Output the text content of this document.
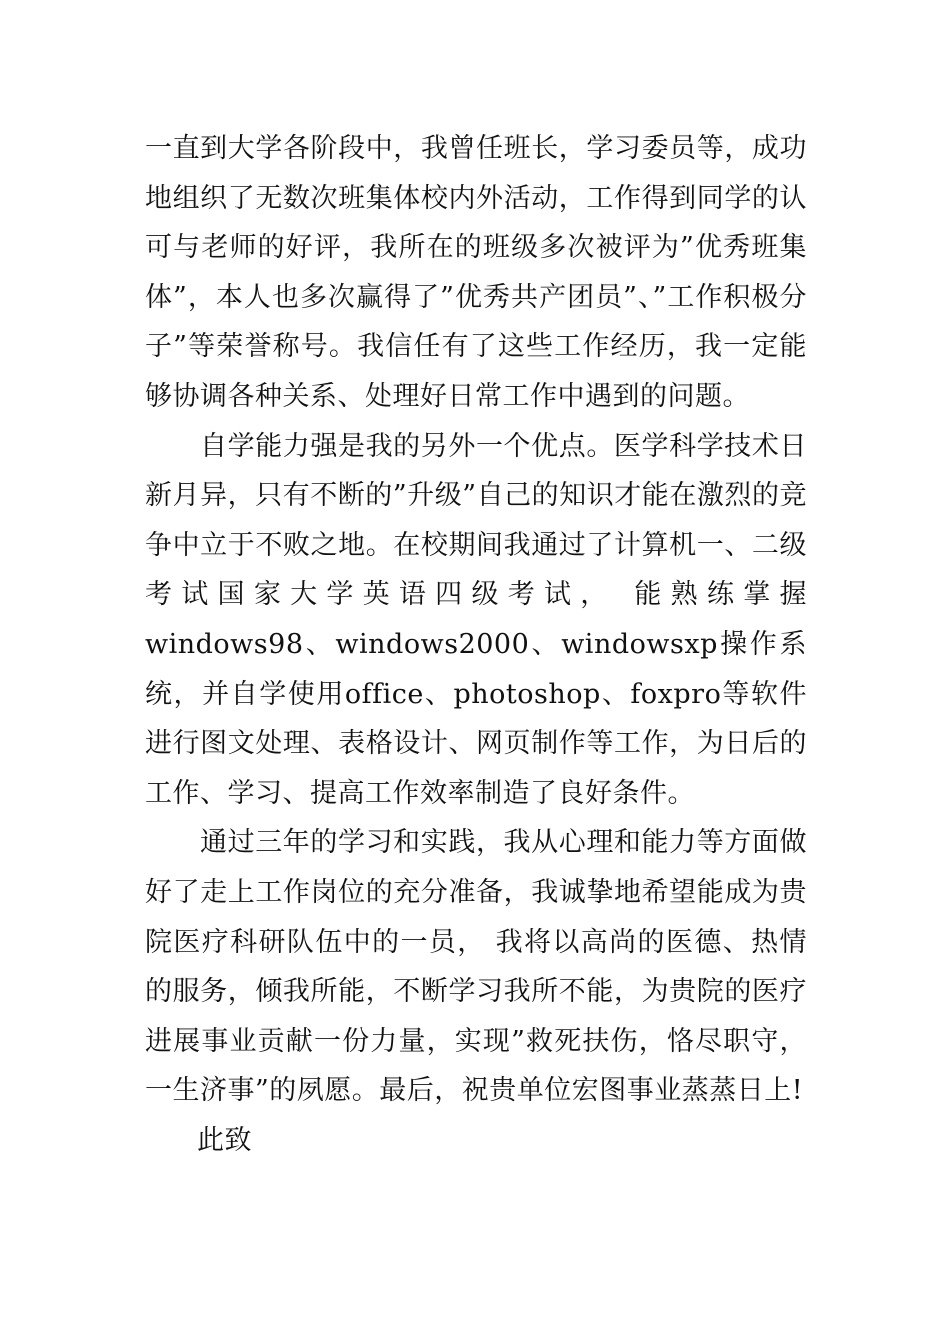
一直到大学各阶段中，我曾任班长，学习委员等，成功地组织了无数次班集体校内外活动，工作得到同学的认可与老师的好评，我所在的班级多次被评为”优秀班集体”，本人也多次赢得了”优秀共产团员”、”工作积极分子”等荣誉称号。我信任有了这些工作经历，我一定能够协调各种关系、处理好日常工作中遇到的问题。

自学能力强是我的另外一个优点。医学科学技术日新月异，只有不断的”升级”自己的知识才能在激烈的竞争中立于不败之地。在校期间我通过了计算机一、二级考试国家大学英语四级考试， 能熟练掌握windows98、windows2000、windowsxp操作系统，并自学使用office、photoshop、foxpro等软件进行图文处理、表格设计、网页制作等工作，为日后的工作、学习、提高工作效率制造了良好条件。

通过三年的学习和实践，我从心理和能力等方面做好了走上工作岗位的充分准备，我诚挚地希望能成为贵院医疗科研队伍中的一员， 我将以高尚的医德、热情的服务，倾我所能，不断学习我所不能，为贵院的医疗进展事业贡献一份力量，实现”救死扶伤，恪尽职守，一生济事”的夙愿。最后，祝贵单位宏图事业蒸蒸日上!

此致
